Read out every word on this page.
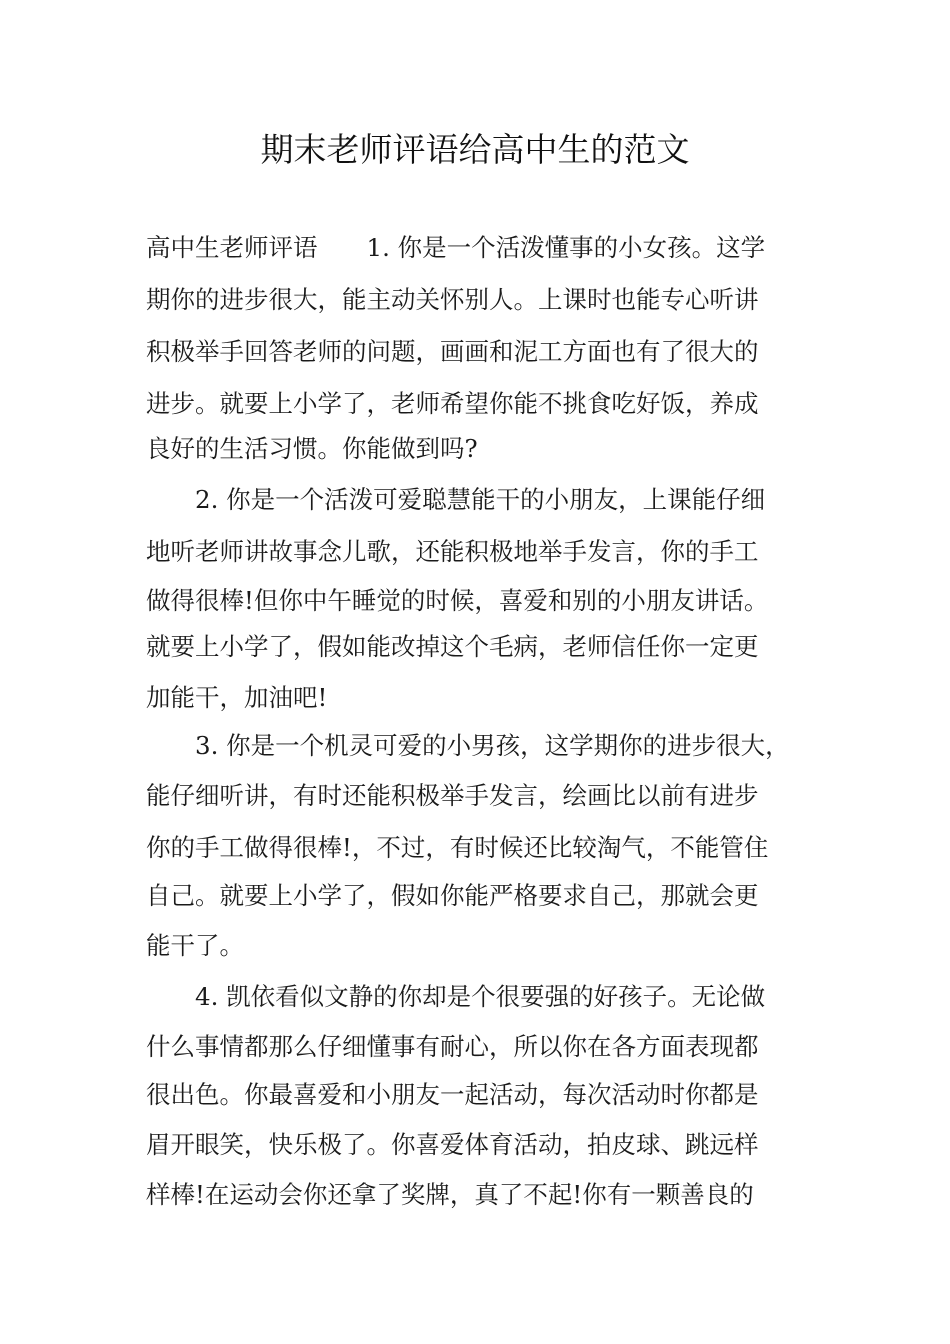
期末老师评语给高中生的范文

高中生老师评语　　1. 你是一个活泼懂事的小女孩。这学

期你的进步很大，能主动关怀别人。上课时也能专心听讲

积极举手回答老师的问题，画画和泥工方面也有了很大的

进步。就要上小学了，老师希望你能不挑食吃好饭，养成

良好的生活习惯。你能做到吗?

　　2. 你是一个活泼可爱聪慧能干的小朋友，上课能仔细

地听老师讲故事念儿歌，还能积极地举手发言，你的手工

做得很棒!但你中午睡觉的时候，喜爱和别的小朋友讲话。

就要上小学了，假如能改掉这个毛病，老师信任你一定更

加能干，加油吧!

　　3. 你是一个机灵可爱的小男孩，这学期你的进步很大，

能仔细听讲，有时还能积极举手发言，绘画比以前有进步

你的手工做得很棒!，不过，有时候还比较淘气，不能管住

自己。就要上小学了，假如你能严格要求自己，那就会更

能干了。

　　4. 凯依看似文静的你却是个很要强的好孩子。无论做

什么事情都那么仔细懂事有耐心，所以你在各方面表现都

很出色。你最喜爱和小朋友一起活动，每次活动时你都是

眉开眼笑，快乐极了。你喜爱体育活动，拍皮球、跳远样

样棒!在运动会你还拿了奖牌，真了不起!你有一颗善良的
